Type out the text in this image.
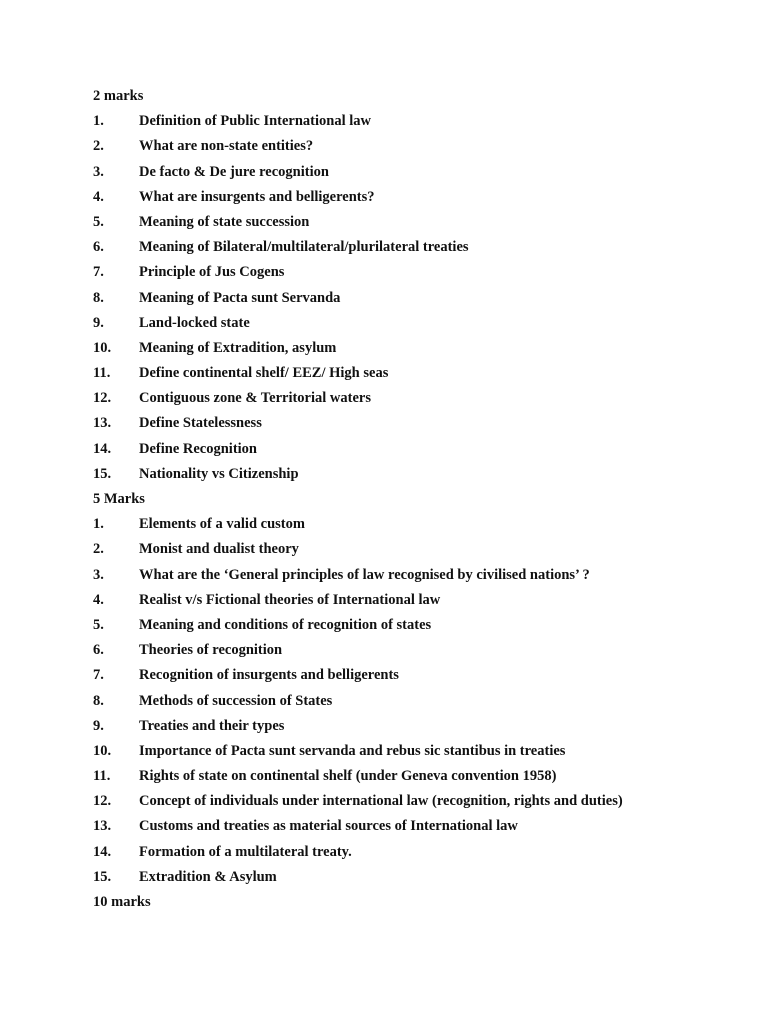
2 marks
1.	Definition of Public International law
2.	What are non-state entities?
3.	De facto & De jure recognition
4.	What are insurgents and belligerents?
5.	Meaning of state succession
6.	Meaning of Bilateral/multilateral/plurilateral treaties
7.	Principle of Jus Cogens
8.	Meaning of Pacta sunt Servanda
9.	Land-locked state
10.	Meaning of Extradition, asylum
11.	Define continental shelf/ EEZ/ High seas
12.	Contiguous zone & Territorial waters
13.	Define Statelessness
14.	Define Recognition
15.	Nationality vs Citizenship
5 Marks
1.	Elements of a valid custom
2.	Monist and dualist theory
3.	What are the ‘General principles of law recognised by civilised nations’ ?
4.	Realist v/s Fictional theories of International law
5.	Meaning and conditions of recognition of states
6.	Theories of recognition
7.	Recognition of insurgents and belligerents
8.	Methods of succession of States
9.	Treaties and their types
10.	Importance of Pacta sunt servanda and rebus sic stantibus in treaties
11.	Rights of state on continental shelf (under Geneva convention 1958)
12.	Concept of individuals under international law (recognition, rights and duties)
13.	Customs and treaties as material sources of International law
14.	Formation of a multilateral treaty.
15.	Extradition & Asylum
10 marks
